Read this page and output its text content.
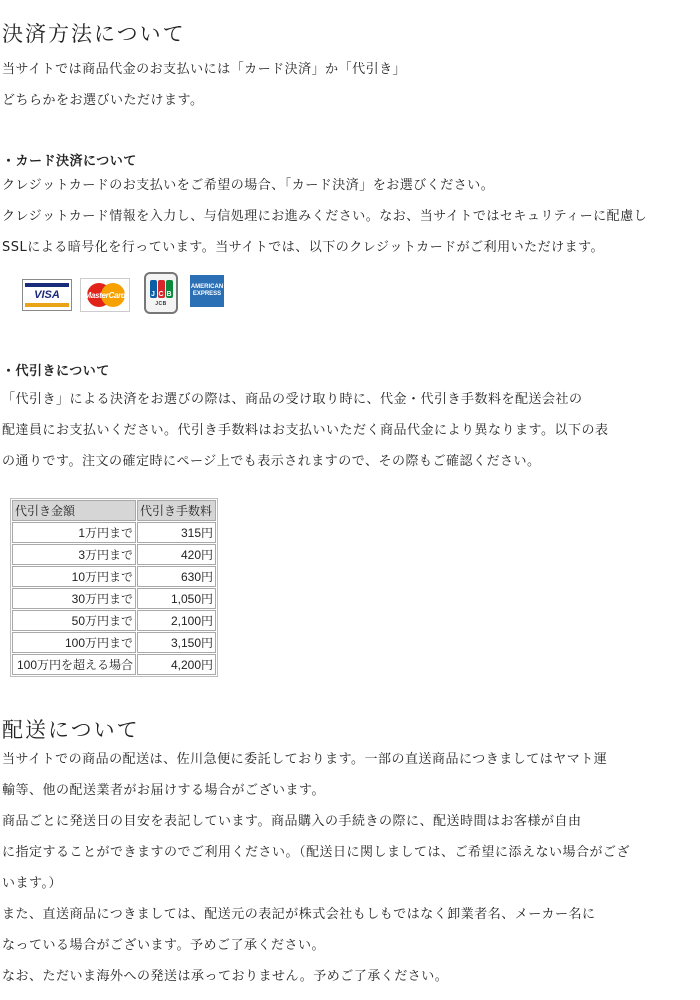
決済方法について
当サイトでは商品代金のお支払いには「カード決済」か「代引き」
どちらかをお選びいただけます。
・カード決済について
クレジットカードのお支払いをご希望の場合、「カード決済」をお選びください。
クレジットカード情報を入力し、与信処理にお進みください。なお、当サイトではセキュリティーに配慮し
SSLによる暗号化を行っています。当サイトでは、以下のクレジットカードがご利用いただけます。
VISA	MasterCard	J C B
JCB
AMERICAN EXPRESS
・代引きについて
「代引き」による決済をお選びの際は、商品の受け取り時に、代金・代引き手数料を配送会社の
配達員にお支払いください。代引き手数料はお支払いいただく商品代金により異なります。以下の表
の通りです。注文の確定時にページ上でも表示されますので、その際もご確認ください。
代引き金額	代引き手数料
1万円まで	315円
3万円まで	420円
10万円まで	630円
30万円まで	1,050円
50万円まで	2,100円
100万円まで	3,150円
100万円を超える場合	4,200円
配送について
当サイトでの商品の配送は、佐川急便に委託しております。一部の直送商品につきましてはヤマト運
輸等、他の配送業者がお届けする場合がございます。
商品ごとに発送日の目安を表記しています。商品購入の手続きの際に、配送時間はお客様が自由
に指定することができますのでご利用ください。（配送日に関しましては、ご希望に添えない場合がござ
います。）
また、直送商品につきましては、配送元の表記が株式会社もしもではなく卸業者名、メーカー名に
なっている場合がございます。予めご了承ください。
なお、ただいま海外への発送は承っておりません。予めご了承ください。
